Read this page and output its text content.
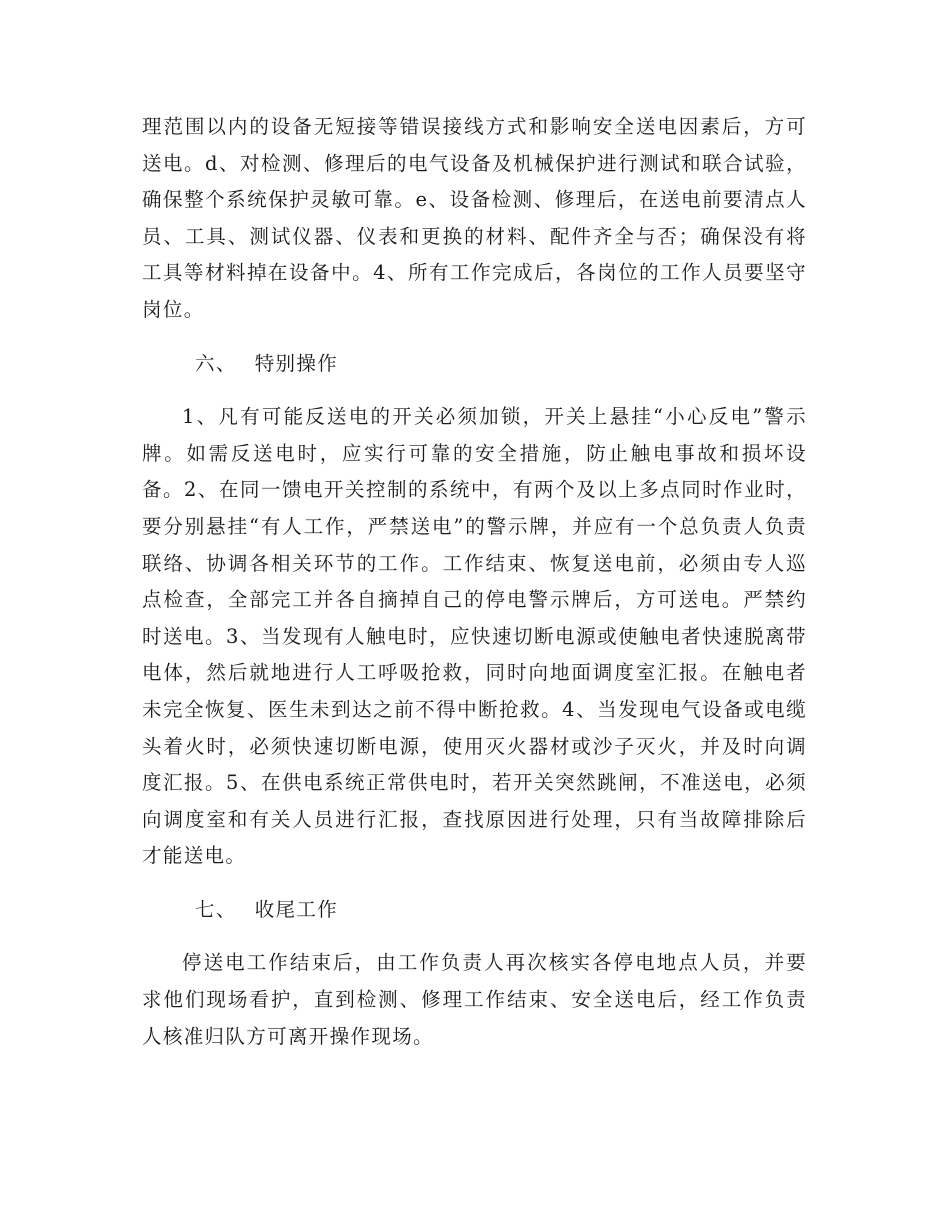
理范围以内的设备无短接等错误接线方式和影响安全送电因素后，方可送电。d、对检测、修理后的电气设备及机械保护进行测试和联合试验，确保整个系统保护灵敏可靠。e、设备检测、修理后，在送电前要清点人员、工具、测试仪器、仪表和更换的材料、配件齐全与否；确保没有将工具等材料掉在设备中。4、所有工作完成后，各岗位的工作人员要坚守岗位。

六、 特别操作

1、凡有可能反送电的开关必须加锁，开关上悬挂“小心反电”警示牌。如需反送电时，应实行可靠的安全措施，防止触电事故和损坏设备。2、在同一馈电开关控制的系统中，有两个及以上多点同时作业时，要分别悬挂“有人工作，严禁送电”的警示牌，并应有一个总负责人负责联络、协调各相关环节的工作。工作结束、恢复送电前，必须由专人巡点检查，全部完工并各自摘掉自己的停电警示牌后，方可送电。严禁约时送电。3、当发现有人触电时，应快速切断电源或使触电者快速脱离带电体，然后就地进行人工呼吸抢救，同时向地面调度室汇报。在触电者未完全恢复、医生未到达之前不得中断抢救。4、当发现电气设备或电缆头着火时，必须快速切断电源，使用灭火器材或沙子灭火，并及时向调度汇报。5、在供电系统正常供电时，若开关突然跳闸，不准送电，必须向调度室和有关人员进行汇报，查找原因进行处理，只有当故障排除后才能送电。

七、 收尾工作

停送电工作结束后，由工作负责人再次核实各停电地点人员，并要求他们现场看护，直到检测、修理工作结束、安全送电后，经工作负责人核准归队方可离开操作现场。
